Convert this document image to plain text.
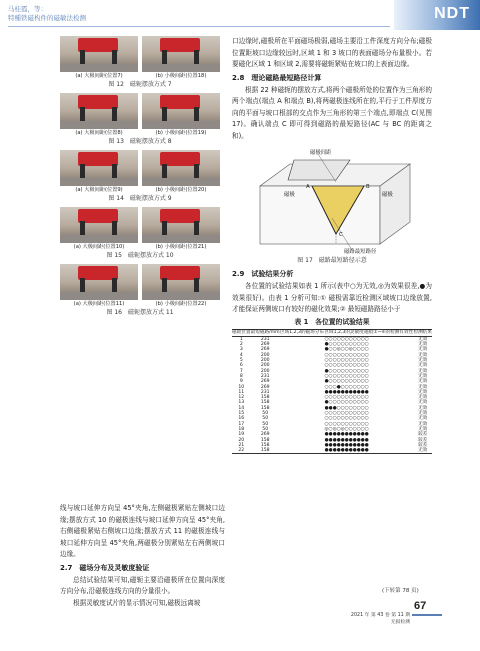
马桂霞，等：
特種铁磁构件的磁敏法检测	NDT
(a) 大极间距(位置7)	(b) 小极间距(位置18)
图 12　磁轭摆放方式 7
(a) 大极间距(位置8)	(b) 小极间距(位置19)
图 13　磁轭摆放方式 8
(a) 大极间距(位置9)	(b) 小极间距(位置20)
图 14　磁轭摆放方式 9
(a) 大极间距(位置10)	(b) 小极间距(位置21)
图 15　磁轭摆放方式 10
(a) 大极间距(位置11)	(b) 小极间距(位置22)
图 16　磁轭摆放方式 11

线与坡口延伸方向呈 45°夹角,左侧磁极紧贴左侧坡口边缘;摆放方式 10 的磁极连线与坡口延伸方向呈 45°夹角,右侧磁极紧贴右侧坡口边缘;摆放方式 11 的磁极连线与坡口延伸方向呈 45°夹角,两磁极分别紧贴左右两侧坡口边缘。

2.7　磁场分布及灵敏度验证

总结试验结果可知,磁轭主要沿磁极所在位置向深度方向分布,沿磁极连线方向的分量很小。

根据灵敏度试片的显示情况可知,磁极远离坡

口边缘时,磁极所在平面磁场极弱,磁场主要沿工件深度方向分布;磁极位置距坡口边缘较远时,区域 1 和 3 坡口的表面磁场分布量极小。若要磁化区域 1 和区域 2,需要将磁轭紧贴在坡口的上表面边缘。

2.8　理论磁路最短路径计算

根据 22 种磁轭的摆放方式,将两个磁极所处的位置作为三角形的两个端点(端点 A 和端点 B),将两磁极连线所在的,平行于工件厚度方向的平面与坡口根部的交点作为三角形的第三个端点,即端点 C(见图 17)。确认端点 C 即可得到磁路的最短路径(AC 与 BC 的距离之和)。

磁极间距
磁极	磁极
A	B
C
磁路最短路径
图 17　磁路最短路径示意
2.9　试验结果分析

各位置的试验结果如表 1 所示(表中○为无效,◎为效果很差,●为效果很好)。由表 1 分析可知:① 磁极需靠近检测区域坡口边缘放置,才能保证两侧坡口有较好的磁化效果;② 最短磁路路径小于

表 1　各位置的试验结果
磁轭位置	最短磁路/mm	区域1,2,3的磁场分布	区域1,2,3的灵敏度	磁痕①~⑥的检测有效性	检测结果
1	231	○○○○○○○○○○○			无效
2	269	●○○○○○○○○○○			无效
3	269	●○○◎○○◎○○○○			无效
4	200	○○○○○○○○○○○			无效
5	200	○○○○○○○○○○○			无效
6	200	○○○○○○○○○○○			无效
7	200	●○○○○○○○○○○			无效
8	231	○○○○○○○○○○○			无效
9	269	●○○○○○○○○○○			无效
10	269	○○○●○○○○○○○			无效
11	231	●●●●●●●●●●●			无效
12	158	○○○○○○○○○○○			无效
13	158	●○○○○○○○○○○			无效
14	158	●●●○○○○○○○○			无效
15	50	○○○○○○○○○○○			无效
16	50	○○○○○○○○○○○			无效
17	50	○○○○○○○○○○○			无效
18	50	◎○◎○◎○○○○○○			无效
19	269	●●●●●●●●●●●			较差
20	158	●●●●●●●●●●●			较差
21	158	●●●●●●●●●●●			较差
22	158	●●●●●●●●●●●			无效
(下转第 78 页)
67
2021 年 第 43 卷 第 11 期
无损检测
